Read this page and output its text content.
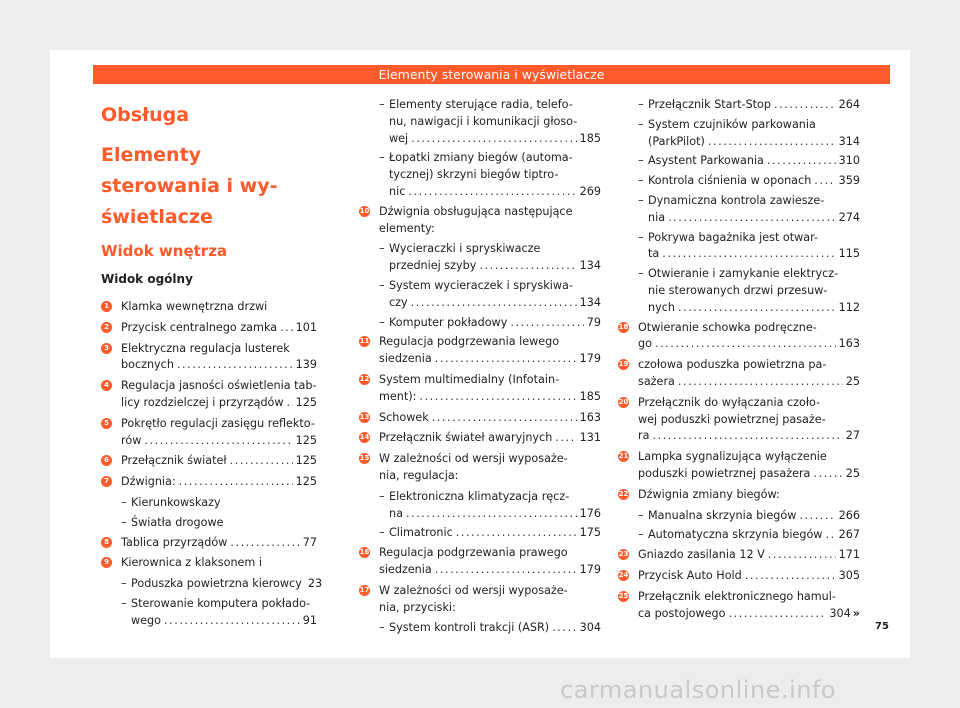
Elementy sterowania i wyświetlacze
Obsługa
Elementy sterowania i wy-
świetlacze
Widok wnętrza
Widok ogólny
1 Klamka wewnętrzna drzwi
2 Przycisk centralnego zamka . . . 101
3 Elektryczna regulacja lusterek
bocznych . . .	139
4 Regulacja jasności oświetlenia tab-
licy rozdzielczej i przyrządów . . . 125
5 Pokrętło regulacji zasięgu reflekto-
rów . . .	125
6 Przełącznik świateł . . .	125
7 Dźwignia: . . .	125
– Kierunkowskazy
– Światła drogowe
8 Tablica przyrządów . . .	77
9 Kierownica z klaksonem i
– Poduszka powietrzna kierowcy 23
– Sterowanie komputera pokłado-
wego . . .	91
– Elementy sterujące radia, telefo-
nu, nawigacji i komunikacji głoso-
wej . . .	185
– Łopatki zmiany biegów (automa-
tycznej) skrzyni biegów tiptro-
nic . . .	269
10 Dźwignia obsługująca następujące
elementy:
– Wycieraczki i spryskiwacze
przedniej szyby . . .	134
– System wycieraczek i spryskiwa-
czy . . .	134
– Komputer pokładowy . . .	79
11 Regulacja podgrzewania lewego
siedzenia . . .	179
12 System multimedialny (Infotain-
ment): . . .	185
13 Schowek . . .	163
14 Przełącznik świateł awaryjnych . . . 131
15 W zależności od wersji wyposaże-
nia, regulacja:
– Elektroniczna klimatyzacja ręcz-
na . . .	176
– Climatronic . . .	175
16 Regulacja podgrzewania prawego
siedzenia . . .	179
17 W zależności od wersji wyposaże-
nia, przyciski:
– System kontroli trakcji (ASR) . . .	304
– Przełącznik Start-Stop . . .	264
– System czujników parkowania
(ParkPilot) . . .	314
– Asystent Parkowania . . .	310
– Kontrola ciśnienia w oponach . . . 359
– Dynamiczna kontrola zawiesze-
nia . . .	274
– Pokrywa bagażnika jest otwar-
ta . . .	115
– Otwieranie i zamykanie elektrycz-
nie sterowanych drzwi przesuw-
nych . . .	112
18 Otwieranie schowka podręczne-
go . . .	163
19 czołowa poduszka powietrzna pa-
sażera . . .	25
20 Przełącznik do wyłączania czoło-
wej poduszki powietrznej pasaże-
ra . . .	27
21 Lampka sygnalizująca wyłączenie
poduszki powietrznej pasażera . . .	25
22 Dźwignia zmiany biegów:
– Manualna skrzynia biegów . . .	266
– Automatyczna skrzynia biegów . . . 267
23 Gniazdo zasilania 12 V . . .	171
24 Przycisk Auto Hold . . .	305
25 Przełącznik elektronicznego hamul-
ca postojowego . . .	304 »
75
carmanualsonline.info
